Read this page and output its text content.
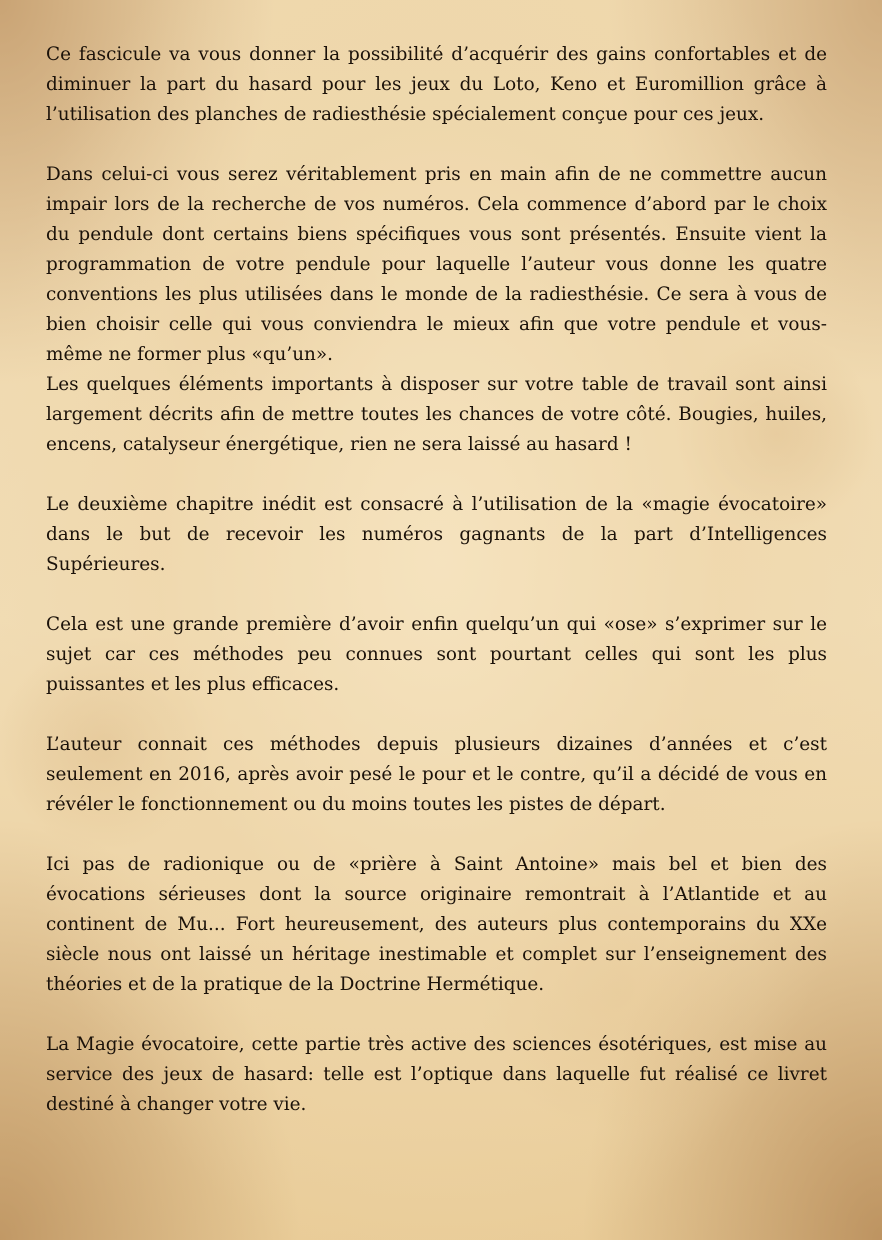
Ce fascicule va vous donner la possibilité d’acquérir des gains confortables et de diminuer la part du hasard pour les jeux du Loto, Keno et Euromillion grâce à l’utilisation des planches de radiesthésie spécialement conçue pour ces jeux.

Dans celui-ci vous serez véritablement pris en main afin de ne commettre aucun impair lors de la recherche de vos numéros. Cela commence d’abord par le choix du pendule dont certains biens spécifiques vous sont présentés. Ensuite vient la programmation de votre pendule pour laquelle l’auteur vous donne les quatre conventions les plus utilisées dans le monde de la radiesthésie. Ce sera à vous de bien choisir celle qui vous conviendra le mieux afin que votre pendule et vous-même ne former plus «qu’un».

Les quelques éléments importants à disposer sur votre table de travail sont ainsi largement décrits afin de mettre toutes les chances de votre côté. Bougies, huiles, encens, catalyseur énergétique, rien ne sera laissé au hasard !

Le deuxième chapitre inédit est consacré à l’utilisation de la «magie évocatoire» dans le but de recevoir les numéros gagnants de la part d’Intelligences Supérieures.

Cela est une grande première d’avoir enfin quelqu’un qui «ose» s’exprimer sur le sujet car ces méthodes peu connues sont pourtant celles qui sont les plus puissantes et les plus efficaces.

L’auteur connait ces méthodes depuis plusieurs dizaines d’années et c’est seulement en 2016, après avoir pesé le pour et le contre, qu’il a décidé de vous en révéler le fonctionnement ou du moins toutes les pistes de départ.

Ici pas de radionique ou de «prière à Saint Antoine» mais bel et bien des évocations sérieuses dont la source originaire remontrait à l’Atlantide et au continent de Mu... Fort heureusement, des auteurs plus contemporains du XXe siècle nous ont laissé un héritage inestimable et complet sur l’enseignement des théories et de la pratique de la Doctrine Hermétique.

La Magie évocatoire, cette partie très active des sciences ésotériques, est mise au service des jeux de hasard: telle est l’optique dans laquelle fut réalisé ce livret destiné à changer votre vie.
